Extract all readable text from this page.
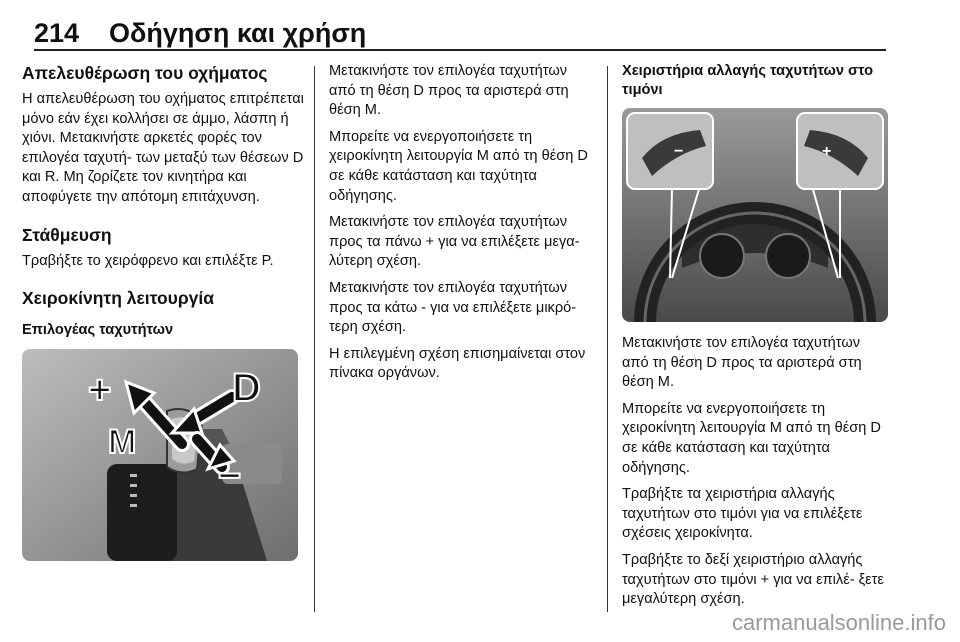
214 Οδήγηση και χρήση
Απελευθέρωση του οχήματος

Η απελευθέρωση του οχήματος επιτρέπεται μόνο εάν έχει κολλήσει σε άμμο, λάσπη ή χιόνι. Μετακινήστε αρκετές φορές τον επιλογέα ταχυτή- των μεταξύ των θέσεων D και R. Μη ζορίζετε τον κινητήρα και αποφύγετε την απότομη επιτάχυνση.

Στάθμευση

Τραβήξτε το χειρόφρενο και επιλέξτε P.

Χειροκίνητη λειτουργία
Επιλογέας ταχυτήτων
+	D
M
−

Μετακινήστε τον επιλογέα ταχυτήτων από τη θέση D προς τα αριστερά στη θέση M.

Μπορείτε να ενεργοποιήσετε τη χειροκίνητη λειτουργία M από τη θέση D σε κάθε κατάσταση και ταχύτητα οδήγησης.

Μετακινήστε τον επιλογέα ταχυτήτων προς τα πάνω + για να επιλέξετε μεγα- λύτερη σχέση.

Μετακινήστε τον επιλογέα ταχυτήτων προς τα κάτω - για να επιλέξετε μικρό- τερη σχέση.

Η επιλεγμένη σχέση επισημαίνεται στον πίνακα οργάνων.

Χειριστήρια αλλαγής ταχυτήτων στο τιμόνι
−	+

Μετακινήστε τον επιλογέα ταχυτήτων από τη θέση D προς τα αριστερά στη θέση M.

Μπορείτε να ενεργοποιήσετε τη χειροκίνητη λειτουργία M από τη θέση D σε κάθε κατάσταση και ταχύτητα οδήγησης.

Τραβήξτε τα χειριστήρια αλλαγής ταχυτήτων στο τιμόνι για να επιλέξετε σχέσεις χειροκίνητα.

Τραβήξτε το δεξί χειριστήριο αλλαγής ταχυτήτων στο τιμόνι + για να επιλέ- ξετε μεγαλύτερη σχέση.

carmanualsonline.info
